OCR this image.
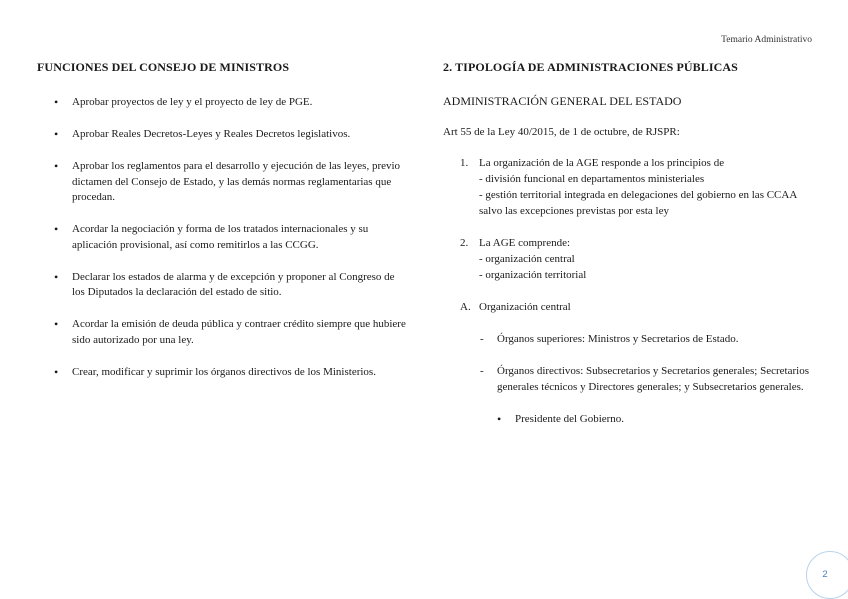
Temario Administrativo
FUNCIONES DEL CONSEJO DE MINISTROS
• Aprobar proyectos de ley y el proyecto de ley de PGE.
• Aprobar Reales Decretos-Leyes y Reales Decretos legislativos.
• Aprobar los reglamentos para el desarrollo y ejecución de las leyes, previo dictamen del Consejo de Estado, y las demás normas reglamentarias que procedan.
• Acordar la negociación y forma de los tratados internacionales y su aplicación provisional, así como remitirlos a las CCGG.
• Declarar los estados de alarma y de excepción y proponer al Congreso de los Diputados la declaración del estado de sitio.
• Acordar la emisión de deuda pública y contraer crédito siempre que hubiere sido autorizado por una ley.
• Crear, modificar y suprimir los órganos directivos de los Ministerios.
2. TIPOLOGÍA DE ADMINISTRACIONES PÚBLICAS
ADMINISTRACIÓN GENERAL DEL ESTADO
Art 55 de la Ley 40/2015, de 1 de octubre, de RJSPR:
1. La organización de la AGE responde a los principios de
- división funcional en departamentos ministeriales
- gestión territorial integrada en delegaciones del gobierno en las CCAA
salvo las excepciones previstas por esta ley
2. La AGE comprende:
- organización central
- organización territorial
A. Organización central
- Órganos superiores: Ministros y Secretarios de Estado.
- Órganos directivos: Subsecretarios y Secretarios generales; Secretarios generales técnicos y Directores generales; y Subsecretarios generales.
• Presidente del Gobierno.
2
